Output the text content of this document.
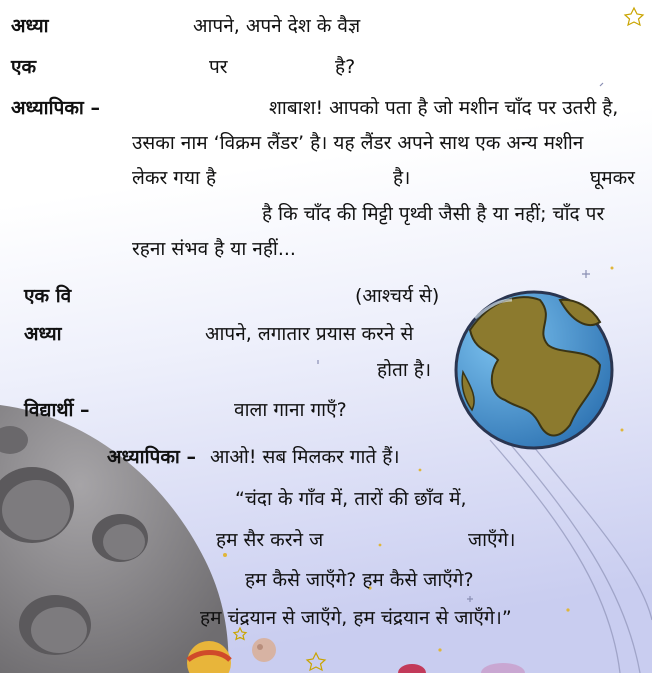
अध्या	आपने, अपने देश के वैज्ञ
एक	पर	है?
अध्यापिका –	शाबाश! आपको पता है जो मशीन चाँद पर उतरी है,
उसका नाम ‘विक्रम लैंडर’ है। यह लैंडर अपने साथ एक अन्य मशीन
लेकर गया है	है।	घूमकर
है कि चाँद की मिट्टी पृथ्वी जैसी है या नहीं; चाँद पर
रहना संभव है या नहीं...
एक वि	(आश्चर्य से)
अध्या	आपने, लगातार प्रयास करने से
होता है।
विद्यार्थी –	वाला गाना गाएँ?
अध्यापिका – आओ! सब मिलकर गाते हैं।
“चंदा के गाँव में, तारों की छाँव में,
हम सैर करने ज	जाएँगे।
हम कैसे जाएँगे? हम कैसे जाएँगे?
हम चंद्रयान से जाएँगे, हम चंद्रयान से जाएँगे।”
